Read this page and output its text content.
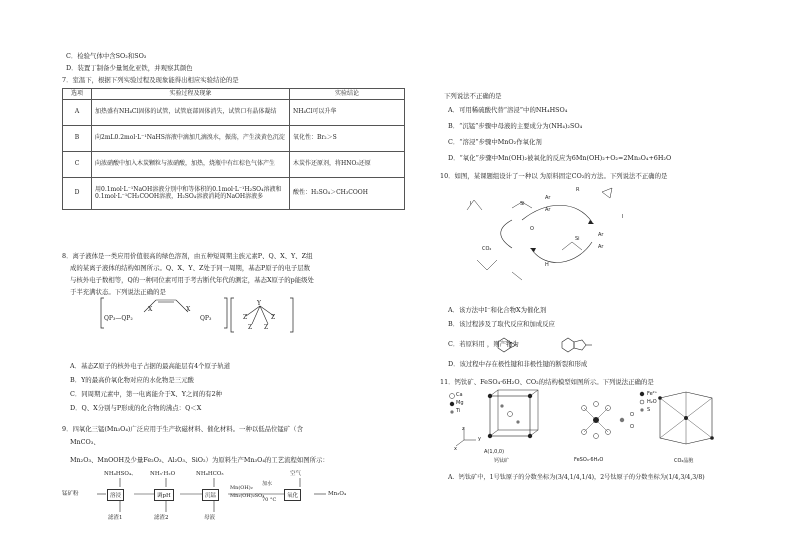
C．检验气体中含SO₂和SO₃
D．装置丁制备少量氮化亚铁，并观察其颜色
7．室温下，根据下列实验过程及现象能得出相应实验结论的是
选项	实验过程及现象	实验结论
A	加热盛有NH₄Cl固体的试管，试管底部固体消失，试管口有晶体凝结	NH₄Cl可以升华
B	向2mL0.2mol·L⁻¹NaHS溶液中滴加几滴溴水，振荡，产生淡黄色沉淀	氧化性：Br₂＞S
C	向浓硝酸中加入木炭颗粒与浓硝酸，加热，烧瓶中有红棕色气体产生	木炭作还原剂，将HNO₃还原
D	用0.1mol·L⁻¹NaOH溶液分别中和等体积的0.1mol·L⁻¹H₂SO₄溶液和0.1mol·L⁻¹CH₃COOH溶液，H₂SO₄溶液消耗的NaOH溶液多	酸性：H₂SO₄＞CH₃COOH
8．离子液体是一类应用价值很高的绿色溶剂，由五种短周期主族元素P、Q、X、Y、Z组
成的某离子液体的结构如图所示。Q、X、Y、Z处于同一周期，基态P原子的电子层数
与核外电子数相等，Q的一种同位素可用于考古断代年代的测定，基态X原子的p能级处
于半充满状态。下列说法正确的是
QP₃—QP₂	QP₃
X	X
Y
Z	Z
Z Z
A．基态Z原子的核外电子占据的最高能层有4个原子轨道
B．Y的最高价氧化物对应的水化物是三元酸
C．同周期元素中，第一电离能介于X、Y之间的有2种
D．Q、X分别与P形成的化合物的沸点：Q＜X
9．四氧化三锰(Mn₃O₄)广泛应用于生产软磁材料、催化材料。一种以低品位锰矿（含
MnCO₃、
Mn₂O₃、MnOOH及少量Fe₂O₃、Al₂O₃、SiO₂）为原料生产Mn₃O₄的工艺流程如图所示：
锰矿粉
NH₄HSO₄、 NH₃·H₂O	NH₄HCO₃
溶浸	调pH	沉锰	氧化
滤渣1	滤渣2	母液
Mn(OH)₂
Mn₂(OH)₂SO₄
加水
70 °C
空气
Mn₃O₄
下列说法不正确的是
A．可用稀硫酸代替“溶浸”中的NH₄HSO₄
B．“沉锰”步骤中母液的主要成分为(NH₄)₂SO₄
C．“溶浸”步骤中MnO₂作氧化剂
D．“氧化”步骤中Mn(OH)₂被氧化的反应为6Mn(OH)₂+O₂=2Mn₃O₄+6H₂O
10．如图，某课题组设计了一种以 为原料固定CO₂的方法。下列说法不正确的是
I	Si
Ar
Ar
R
I
CO₂
Si
Ar
Ar
O
H
A．该方法中I⁻和化合物X为催化剂
B．该过程涉及了取代反应和加成反应
C．若原料用 ，则产物为
D．该过程中存在极性键和非极性键的断裂和形成
11．钙钛矿、FeSO₄·6H₂O、CO₂的结构模型如图所示。下列说法正确的是
Ca
Mg
Ti
Fe²⁺
H₂O
S
z
y
x	A(1,0,0)
钙钛矿	FeSO₄·6H₂O	CO₂晶胞
A．钙钛矿中，1号钛原子的分数坐标为(3/4,1/4,1/4)，2号钛原子的分数坐标为(1/4,3/4,3/8)
